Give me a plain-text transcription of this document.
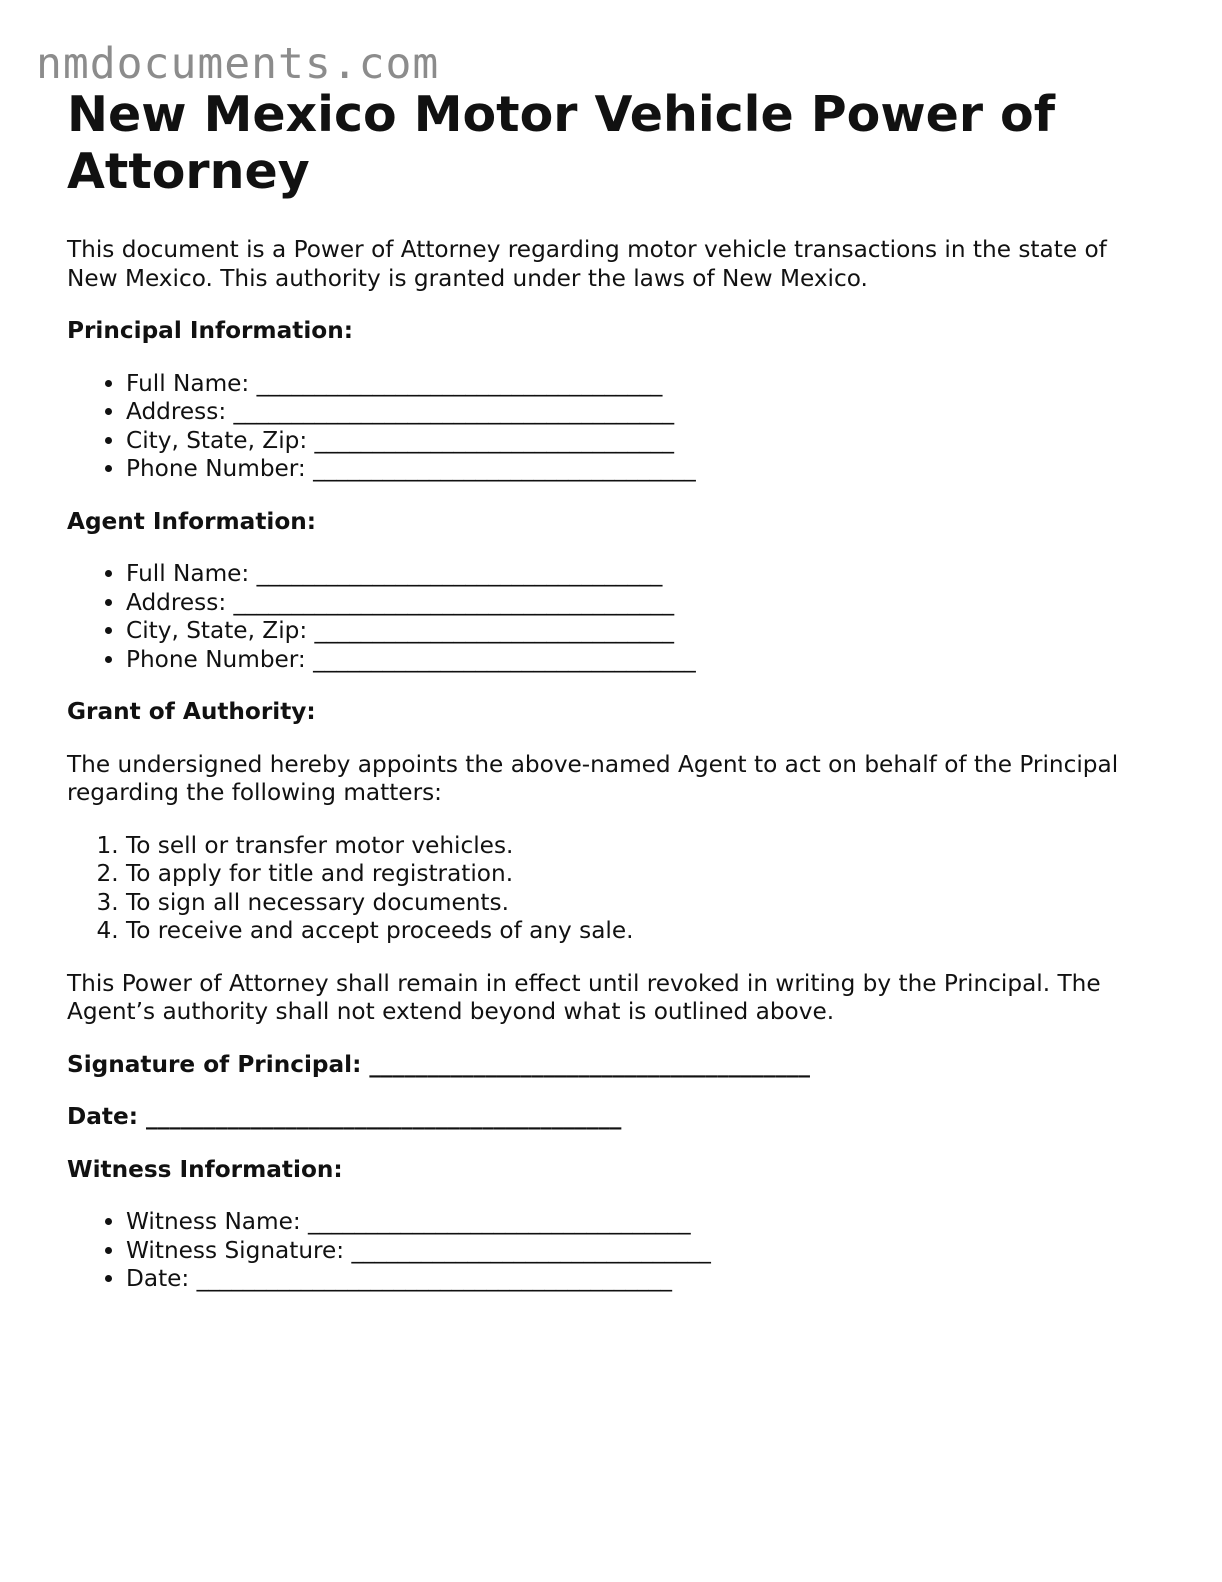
nmdocuments.com
New Mexico Motor Vehicle Power of Attorney

This document is a Power of Attorney regarding motor vehicle transactions in the state of New Mexico. This authority is granted under the laws of New Mexico.

Principal Information:
• Full Name: ___________________________________
• Address: ______________________________________
• City, State, Zip: _______________________________
• Phone Number: _________________________________
Agent Information:
• Full Name: ___________________________________
• Address: ______________________________________
• City, State, Zip: _______________________________
• Phone Number: _________________________________
Grant of Authority:

The undersigned hereby appoints the above-named Agent to act on behalf of the Principal regarding the following matters:

1. To sell or transfer motor vehicles.
2. To apply for title and registration.
3. To sign all necessary documents.
4. To receive and accept proceeds of any sale.

This Power of Attorney shall remain in effect until revoked in writing by the Principal. The Agent’s authority shall not extend beyond what is outlined above.

Signature of Principal: ______________________________________
Date: _________________________________________
Witness Information:
• Witness Name: _________________________________
• Witness Signature: _______________________________
• Date: _________________________________________
